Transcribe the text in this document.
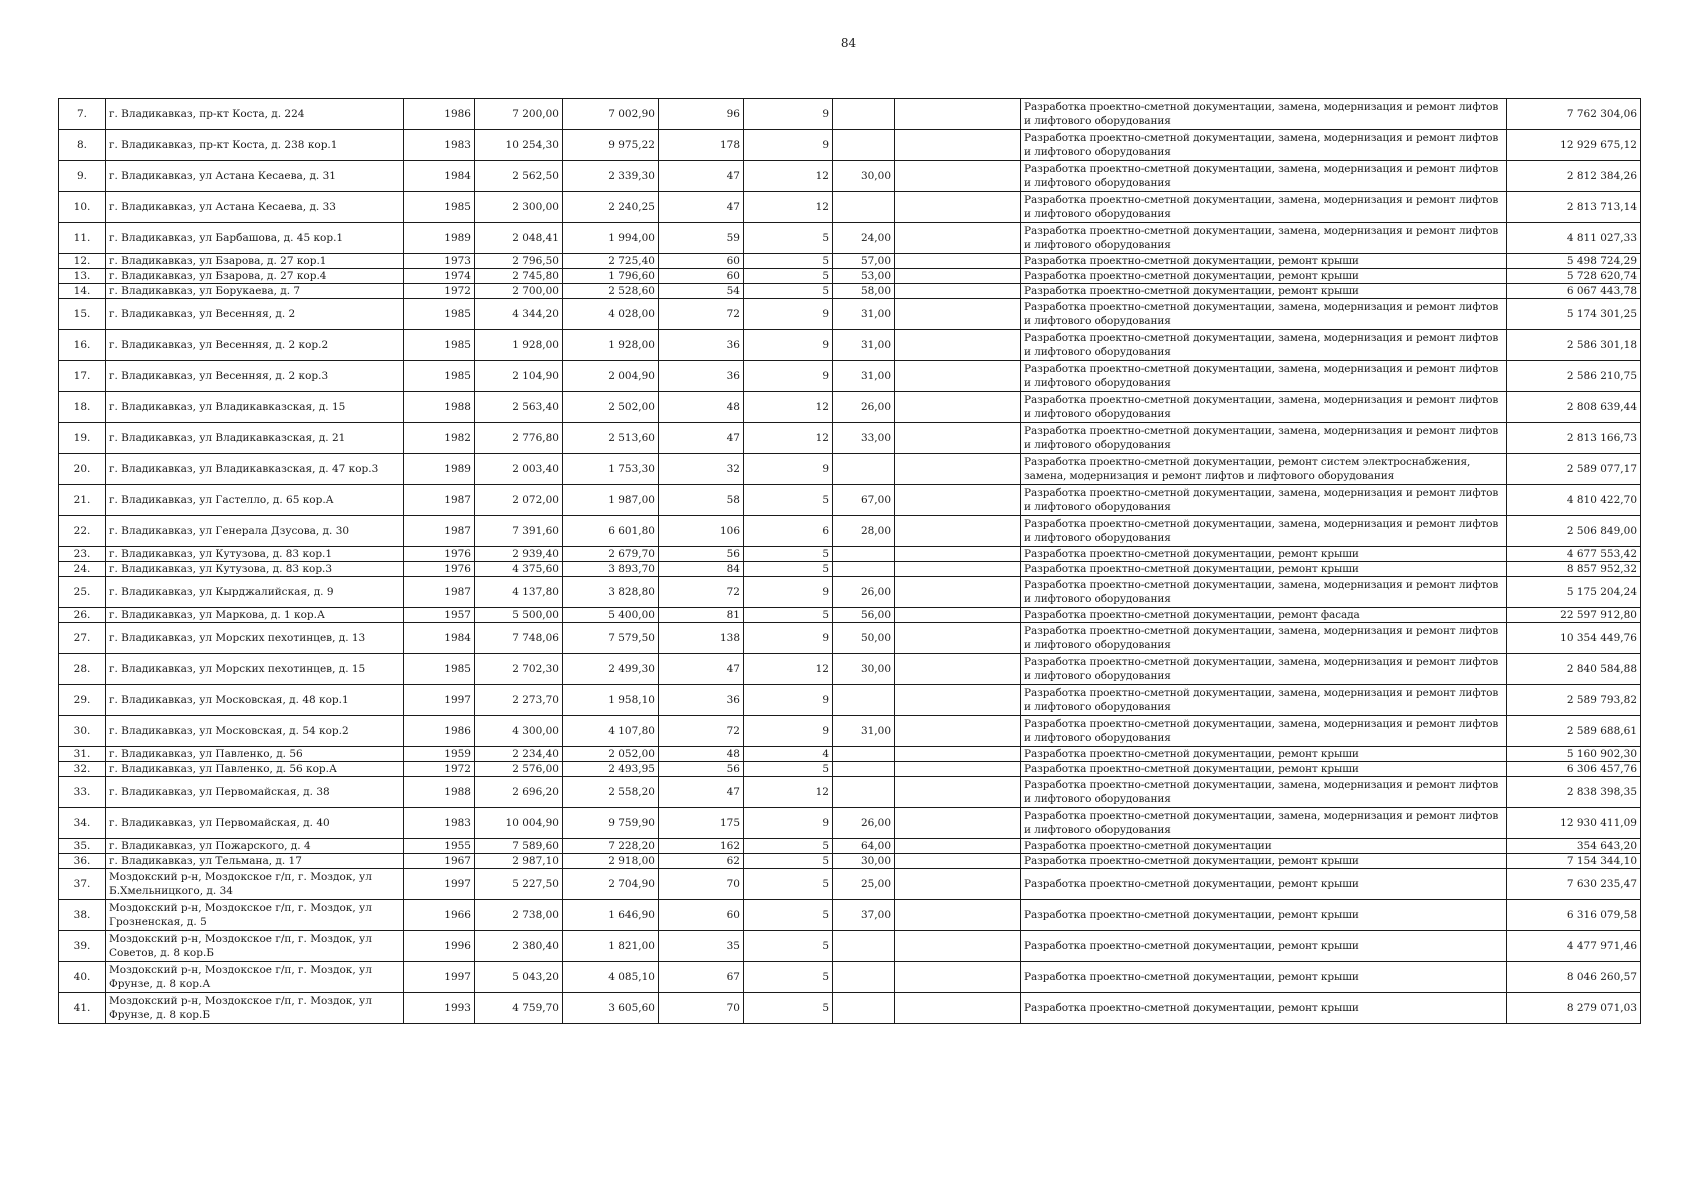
84
7.	г. Владикавказ, пр-кт Коста, д. 224	1986	7 200,00	7 002,90	96	9			Разработка проектно-сметной документации, замена, модернизация и ремонт лифтов и лифтового оборудования	7 762 304,06
8.	г. Владикавказ, пр-кт Коста, д. 238 кор.1	1983	10 254,30	9 975,22	178	9			Разработка проектно-сметной документации, замена, модернизация и ремонт лифтов и лифтового оборудования	12 929 675,12
9.	г. Владикавказ, ул Астана Кесаева, д. 31	1984	2 562,50	2 339,30	47	12	30,00		Разработка проектно-сметной документации, замена, модернизация и ремонт лифтов и лифтового оборудования	2 812 384,26
10.	г. Владикавказ, ул Астана Кесаева, д. 33	1985	2 300,00	2 240,25	47	12			Разработка проектно-сметной документации, замена, модернизация и ремонт лифтов и лифтового оборудования	2 813 713,14
11.	г. Владикавказ, ул Барбашова, д. 45 кор.1	1989	2 048,41	1 994,00	59	5	24,00		Разработка проектно-сметной документации, замена, модернизация и ремонт лифтов и лифтового оборудования	4 811 027,33
12.	г. Владикавказ, ул Бзарова, д. 27 кор.1	1973	2 796,50	2 725,40	60	5	57,00		Разработка проектно-сметной документации, ремонт крыши	5 498 724,29
13.	г. Владикавказ, ул Бзарова, д. 27 кор.4	1974	2 745,80	1 796,60	60	5	53,00		Разработка проектно-сметной документации, ремонт крыши	5 728 620,74
14.	г. Владикавказ, ул Борукаева, д. 7	1972	2 700,00	2 528,60	54	5	58,00		Разработка проектно-сметной документации, ремонт крыши	6 067 443,78
15.	г. Владикавказ, ул Весенняя, д. 2	1985	4 344,20	4 028,00	72	9	31,00		Разработка проектно-сметной документации, замена, модернизация и ремонт лифтов и лифтового оборудования	5 174 301,25
16.	г. Владикавказ, ул Весенняя, д. 2 кор.2	1985	1 928,00	1 928,00	36	9	31,00		Разработка проектно-сметной документации, замена, модернизация и ремонт лифтов и лифтового оборудования	2 586 301,18
17.	г. Владикавказ, ул Весенняя, д. 2 кор.3	1985	2 104,90	2 004,90	36	9	31,00		Разработка проектно-сметной документации, замена, модернизация и ремонт лифтов и лифтового оборудования	2 586 210,75
18.	г. Владикавказ, ул Владикавказская, д. 15	1988	2 563,40	2 502,00	48	12	26,00		Разработка проектно-сметной документации, замена, модернизация и ремонт лифтов и лифтового оборудования	2 808 639,44
19.	г. Владикавказ, ул Владикавказская, д. 21	1982	2 776,80	2 513,60	47	12	33,00		Разработка проектно-сметной документации, замена, модернизация и ремонт лифтов и лифтового оборудования	2 813 166,73
20.	г. Владикавказ, ул Владикавказская, д. 47 кор.3	1989	2 003,40	1 753,30	32	9			Разработка проектно-сметной документации, ремонт систем электроснабжения, замена, модернизация и ремонт лифтов и лифтового оборудования	2 589 077,17
21.	г. Владикавказ, ул Гастелло, д. 65 кор.А	1987	2 072,00	1 987,00	58	5	67,00		Разработка проектно-сметной документации, замена, модернизация и ремонт лифтов и лифтового оборудования	4 810 422,70
22.	г. Владикавказ, ул Генерала Дзусова, д. 30	1987	7 391,60	6 601,80	106	6	28,00		Разработка проектно-сметной документации, замена, модернизация и ремонт лифтов и лифтового оборудования	2 506 849,00
23.	г. Владикавказ, ул Кутузова, д. 83 кор.1	1976	2 939,40	2 679,70	56	5			Разработка проектно-сметной документации, ремонт крыши	4 677 553,42
24.	г. Владикавказ, ул Кутузова, д. 83 кор.3	1976	4 375,60	3 893,70	84	5			Разработка проектно-сметной документации, ремонт крыши	8 857 952,32
25.	г. Владикавказ, ул Кырджалийская, д. 9	1987	4 137,80	3 828,80	72	9	26,00		Разработка проектно-сметной документации, замена, модернизация и ремонт лифтов и лифтового оборудования	5 175 204,24
26.	г. Владикавказ, ул Маркова, д. 1 кор.А	1957	5 500,00	5 400,00	81	5	56,00		Разработка проектно-сметной документации, ремонт фасада	22 597 912,80
27.	г. Владикавказ, ул Морских пехотинцев, д. 13	1984	7 748,06	7 579,50	138	9	50,00		Разработка проектно-сметной документации, замена, модернизация и ремонт лифтов и лифтового оборудования	10 354 449,76
28.	г. Владикавказ, ул Морских пехотинцев, д. 15	1985	2 702,30	2 499,30	47	12	30,00		Разработка проектно-сметной документации, замена, модернизация и ремонт лифтов и лифтового оборудования	2 840 584,88
29.	г. Владикавказ, ул Московская, д. 48 кор.1	1997	2 273,70	1 958,10	36	9			Разработка проектно-сметной документации, замена, модернизация и ремонт лифтов и лифтового оборудования	2 589 793,82
30.	г. Владикавказ, ул Московская, д. 54 кор.2	1986	4 300,00	4 107,80	72	9	31,00		Разработка проектно-сметной документации, замена, модернизация и ремонт лифтов и лифтового оборудования	2 589 688,61
31.	г. Владикавказ, ул Павленко, д. 56	1959	2 234,40	2 052,00	48	4			Разработка проектно-сметной документации, ремонт крыши	5 160 902,30
32.	г. Владикавказ, ул Павленко, д. 56 кор.А	1972	2 576,00	2 493,95	56	5			Разработка проектно-сметной документации, ремонт крыши	6 306 457,76
33.	г. Владикавказ, ул Первомайская, д. 38	1988	2 696,20	2 558,20	47	12			Разработка проектно-сметной документации, замена, модернизация и ремонт лифтов и лифтового оборудования	2 838 398,35
34.	г. Владикавказ, ул Первомайская, д. 40	1983	10 004,90	9 759,90	175	9	26,00		Разработка проектно-сметной документации, замена, модернизация и ремонт лифтов и лифтового оборудования	12 930 411,09
35.	г. Владикавказ, ул Пожарского, д. 4	1955	7 589,60	7 228,20	162	5	64,00		Разработка проектно-сметной документации	354 643,20
36.	г. Владикавказ, ул Тельмана, д. 17	1967	2 987,10	2 918,00	62	5	30,00		Разработка проектно-сметной документации, ремонт крыши	7 154 344,10
37.	Моздокский р-н, Моздокское г/п, г. Моздок, ул Б.Хмельницкого, д. 34	1997	5 227,50	2 704,90	70	5	25,00		Разработка проектно-сметной документации, ремонт крыши	7 630 235,47
38.	Моздокский р-н, Моздокское г/п, г. Моздок, ул Грозненская, д. 5	1966	2 738,00	1 646,90	60	5	37,00		Разработка проектно-сметной документации, ремонт крыши	6 316 079,58
39.	Моздокский р-н, Моздокское г/п, г. Моздок, ул Советов, д. 8 кор.Б	1996	2 380,40	1 821,00	35	5			Разработка проектно-сметной документации, ремонт крыши	4 477 971,46
40.	Моздокский р-н, Моздокское г/п, г. Моздок, ул Фрунзе, д. 8 кор.А	1997	5 043,20	4 085,10	67	5			Разработка проектно-сметной документации, ремонт крыши	8 046 260,57
41.	Моздокский р-н, Моздокское г/п, г. Моздок, ул Фрунзе, д. 8 кор.Б	1993	4 759,70	3 605,60	70	5			Разработка проектно-сметной документации, ремонт крыши	8 279 071,03
